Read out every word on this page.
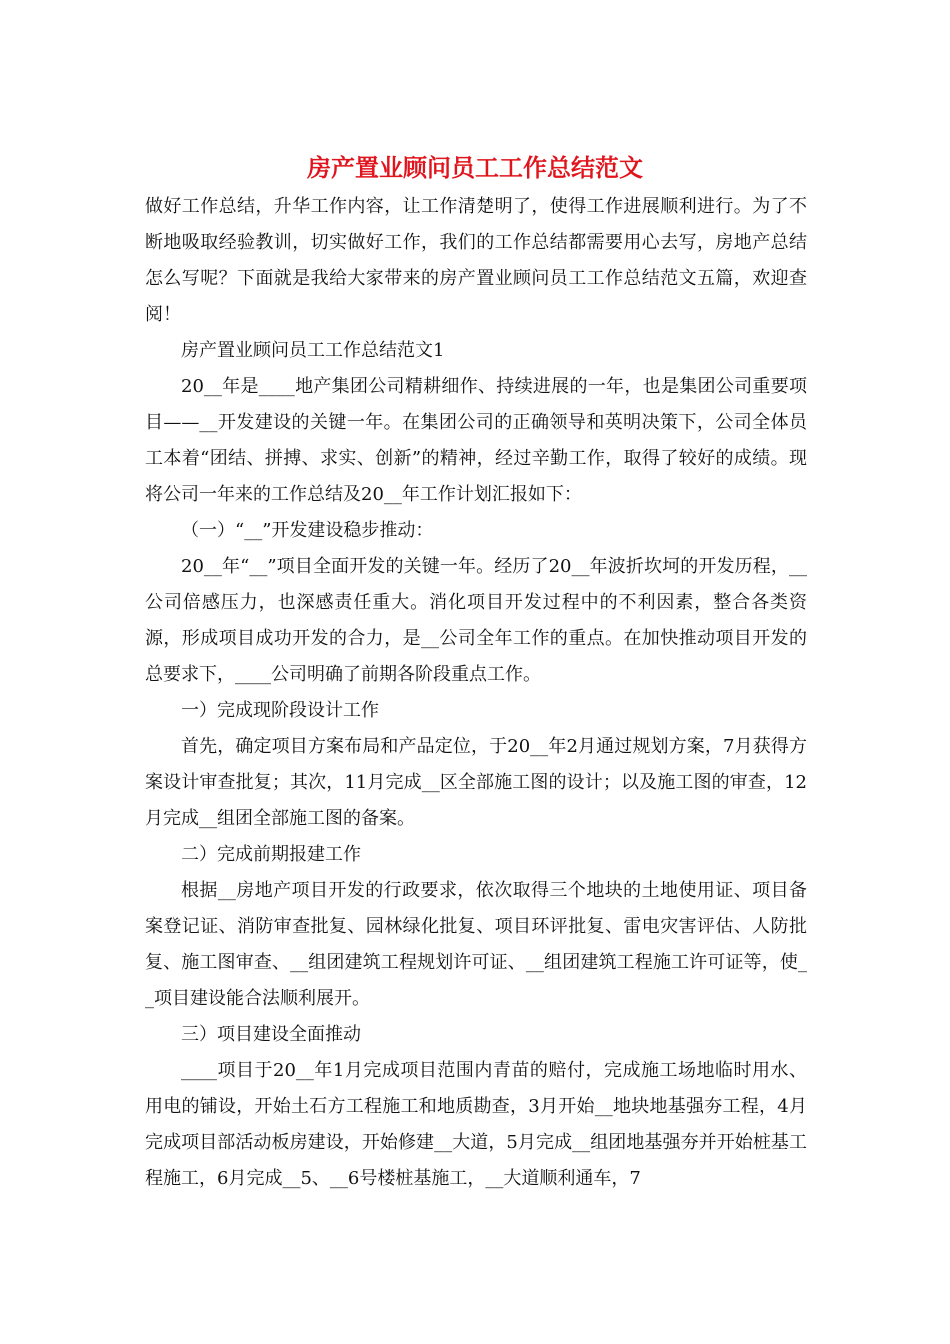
房产置业顾问员工工作总结范文

做好工作总结，升华工作内容，让工作清楚明了，使得工作进展顺利进行。为了不断地吸取经验教训，切实做好工作，我们的工作总结都需要用心去写，房地产总结怎么写呢？下面就是我给大家带来的房产置业顾问员工工作总结范文五篇，欢迎查阅！

房产置业顾问员工工作总结范文1

20__年是____地产集团公司精耕细作、持续进展的一年，也是集团公司重要项目——__开发建设的关键一年。在集团公司的正确领导和英明决策下，公司全体员工本着“团结、拼搏、求实、创新”的精神，经过辛勤工作，取得了较好的成绩。现将公司一年来的工作总结及20__年工作计划汇报如下：

（一）“__”开发建设稳步推动：

20__年“__”项目全面开发的关键一年。经历了20__年波折坎坷的开发历程，__公司倍感压力，也深感责任重大。消化项目开发过程中的不利因素，整合各类资源，形成项目成功开发的合力，是__公司全年工作的重点。在加快推动项目开发的总要求下，____公司明确了前期各阶段重点工作。

一）完成现阶段设计工作

首先，确定项目方案布局和产品定位，于20__年2月通过规划方案，7月获得方案设计审查批复；其次，11月完成__区全部施工图的设计；以及施工图的审查，12月完成__组团全部施工图的备案。

二）完成前期报建工作

根据__房地产项目开发的行政要求，依次取得三个地块的土地使用证、项目备案登记证、消防审查批复、园林绿化批复、项目环评批复、雷电灾害评估、人防批复、施工图审查、__组团建筑工程规划许可证、__组团建筑工程施工许可证等，使__项目建设能合法顺利展开。

三）项目建设全面推动

____项目于20__年1月完成项目范围内青苗的赔付，完成施工场地临时用水、用电的铺设，开始土石方工程施工和地质勘查，3月开始__地块地基强夯工程，4月完成项目部活动板房建设，开始修建__大道，5月完成__组团地基强夯并开始桩基工程施工，6月完成__5、__6号楼桩基施工，__大道顺利通车，7
